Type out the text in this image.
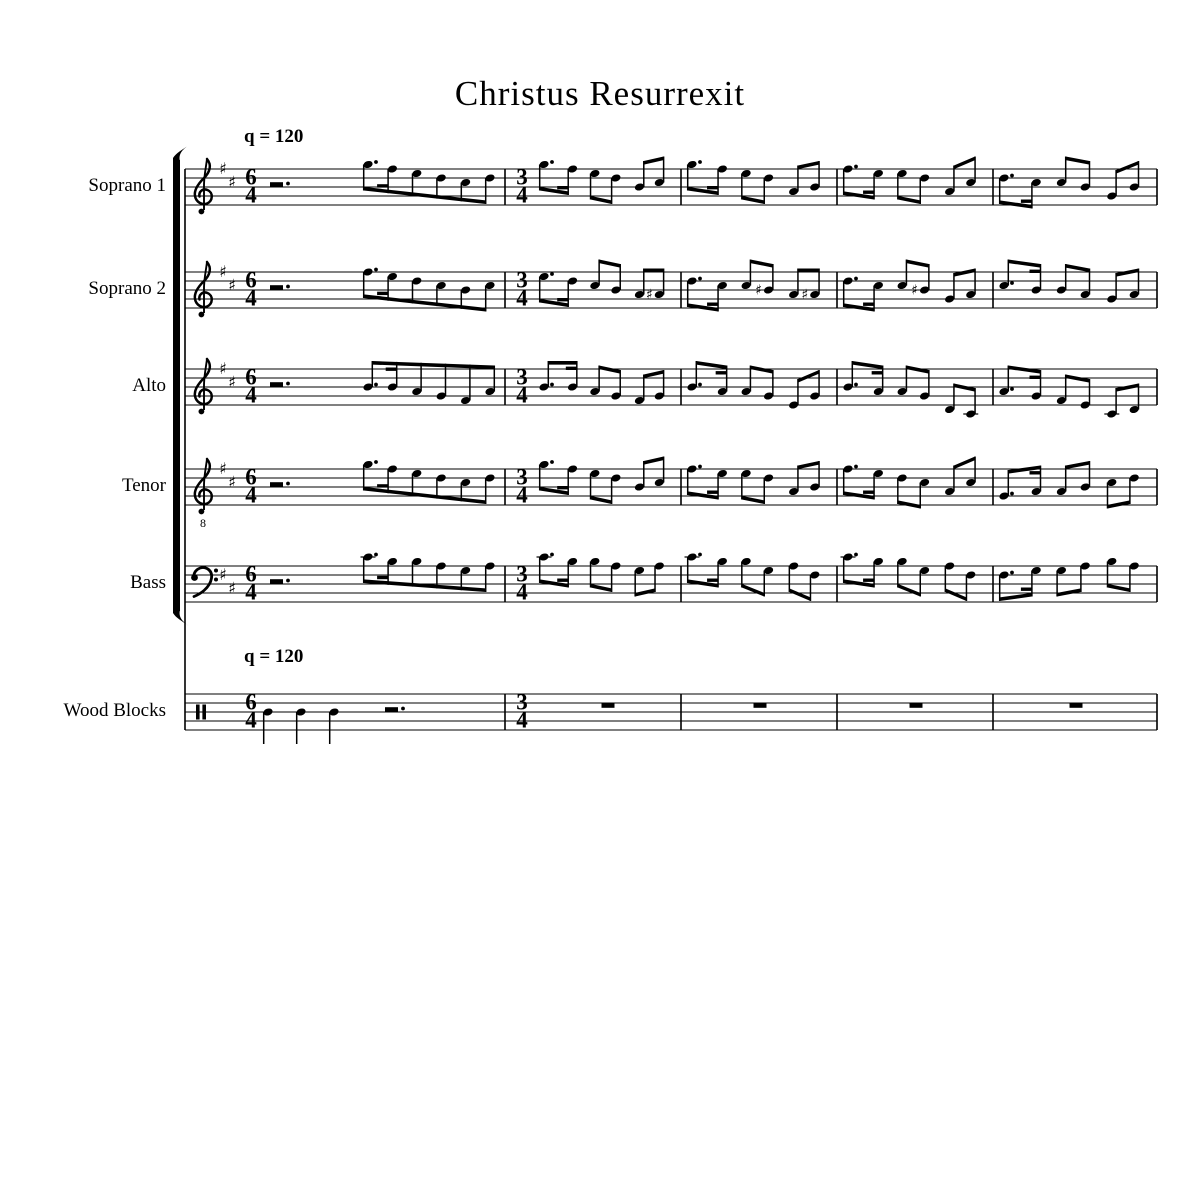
Christus Resurrexit
q = 120
q = 120
Soprano 1
Soprano 2
Alto
Tenor
Bass
Wood Blocks
♯
♯ 6
4
3
4
♯
♯ 6
4
3
4	♯	♯	♯	♯
♯
♯ 6
4
3
4
8
♯
♯ 6
4
3
4
♯
♯
6
4
3
4
6
4
3
4
